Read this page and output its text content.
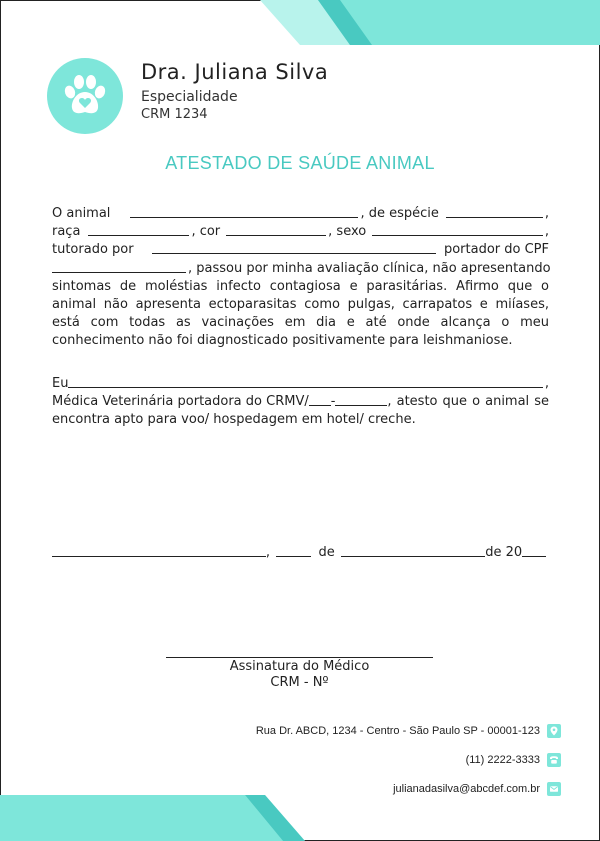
Dra. Juliana Silva
Especialidade
CRM 1234
ATESTADO DE SAÚDE ANIMAL
O animal	, de espécie	,
raça	, cor	, sexo	,
tutorado por	portador do CPF
, passou por minha avaliação clínica, não apresentando
sintomas de moléstias infecto contagiosa e parasitárias. Afirmo que o animal não apresenta ectoparasitas como pulgas, carrapatos e miíases, está com todas as vacinações em dia e até onde alcança o meu conhecimento não foi diagnosticado positivamente para leishmaniose.
Eu	,
Médica Veterinária portadora do CRMV/ -	, atesto que o animal se
encontra apto para voo/ hospedagem em hotel/ creche.
,	de	de 20
Assinatura do Médico
CRM - Nº
Rua Dr. ABCD, 1234 - Centro - São Paulo SP - 00001-123
(11) 2222-3333
julianadasilva@abcdef.com.br
